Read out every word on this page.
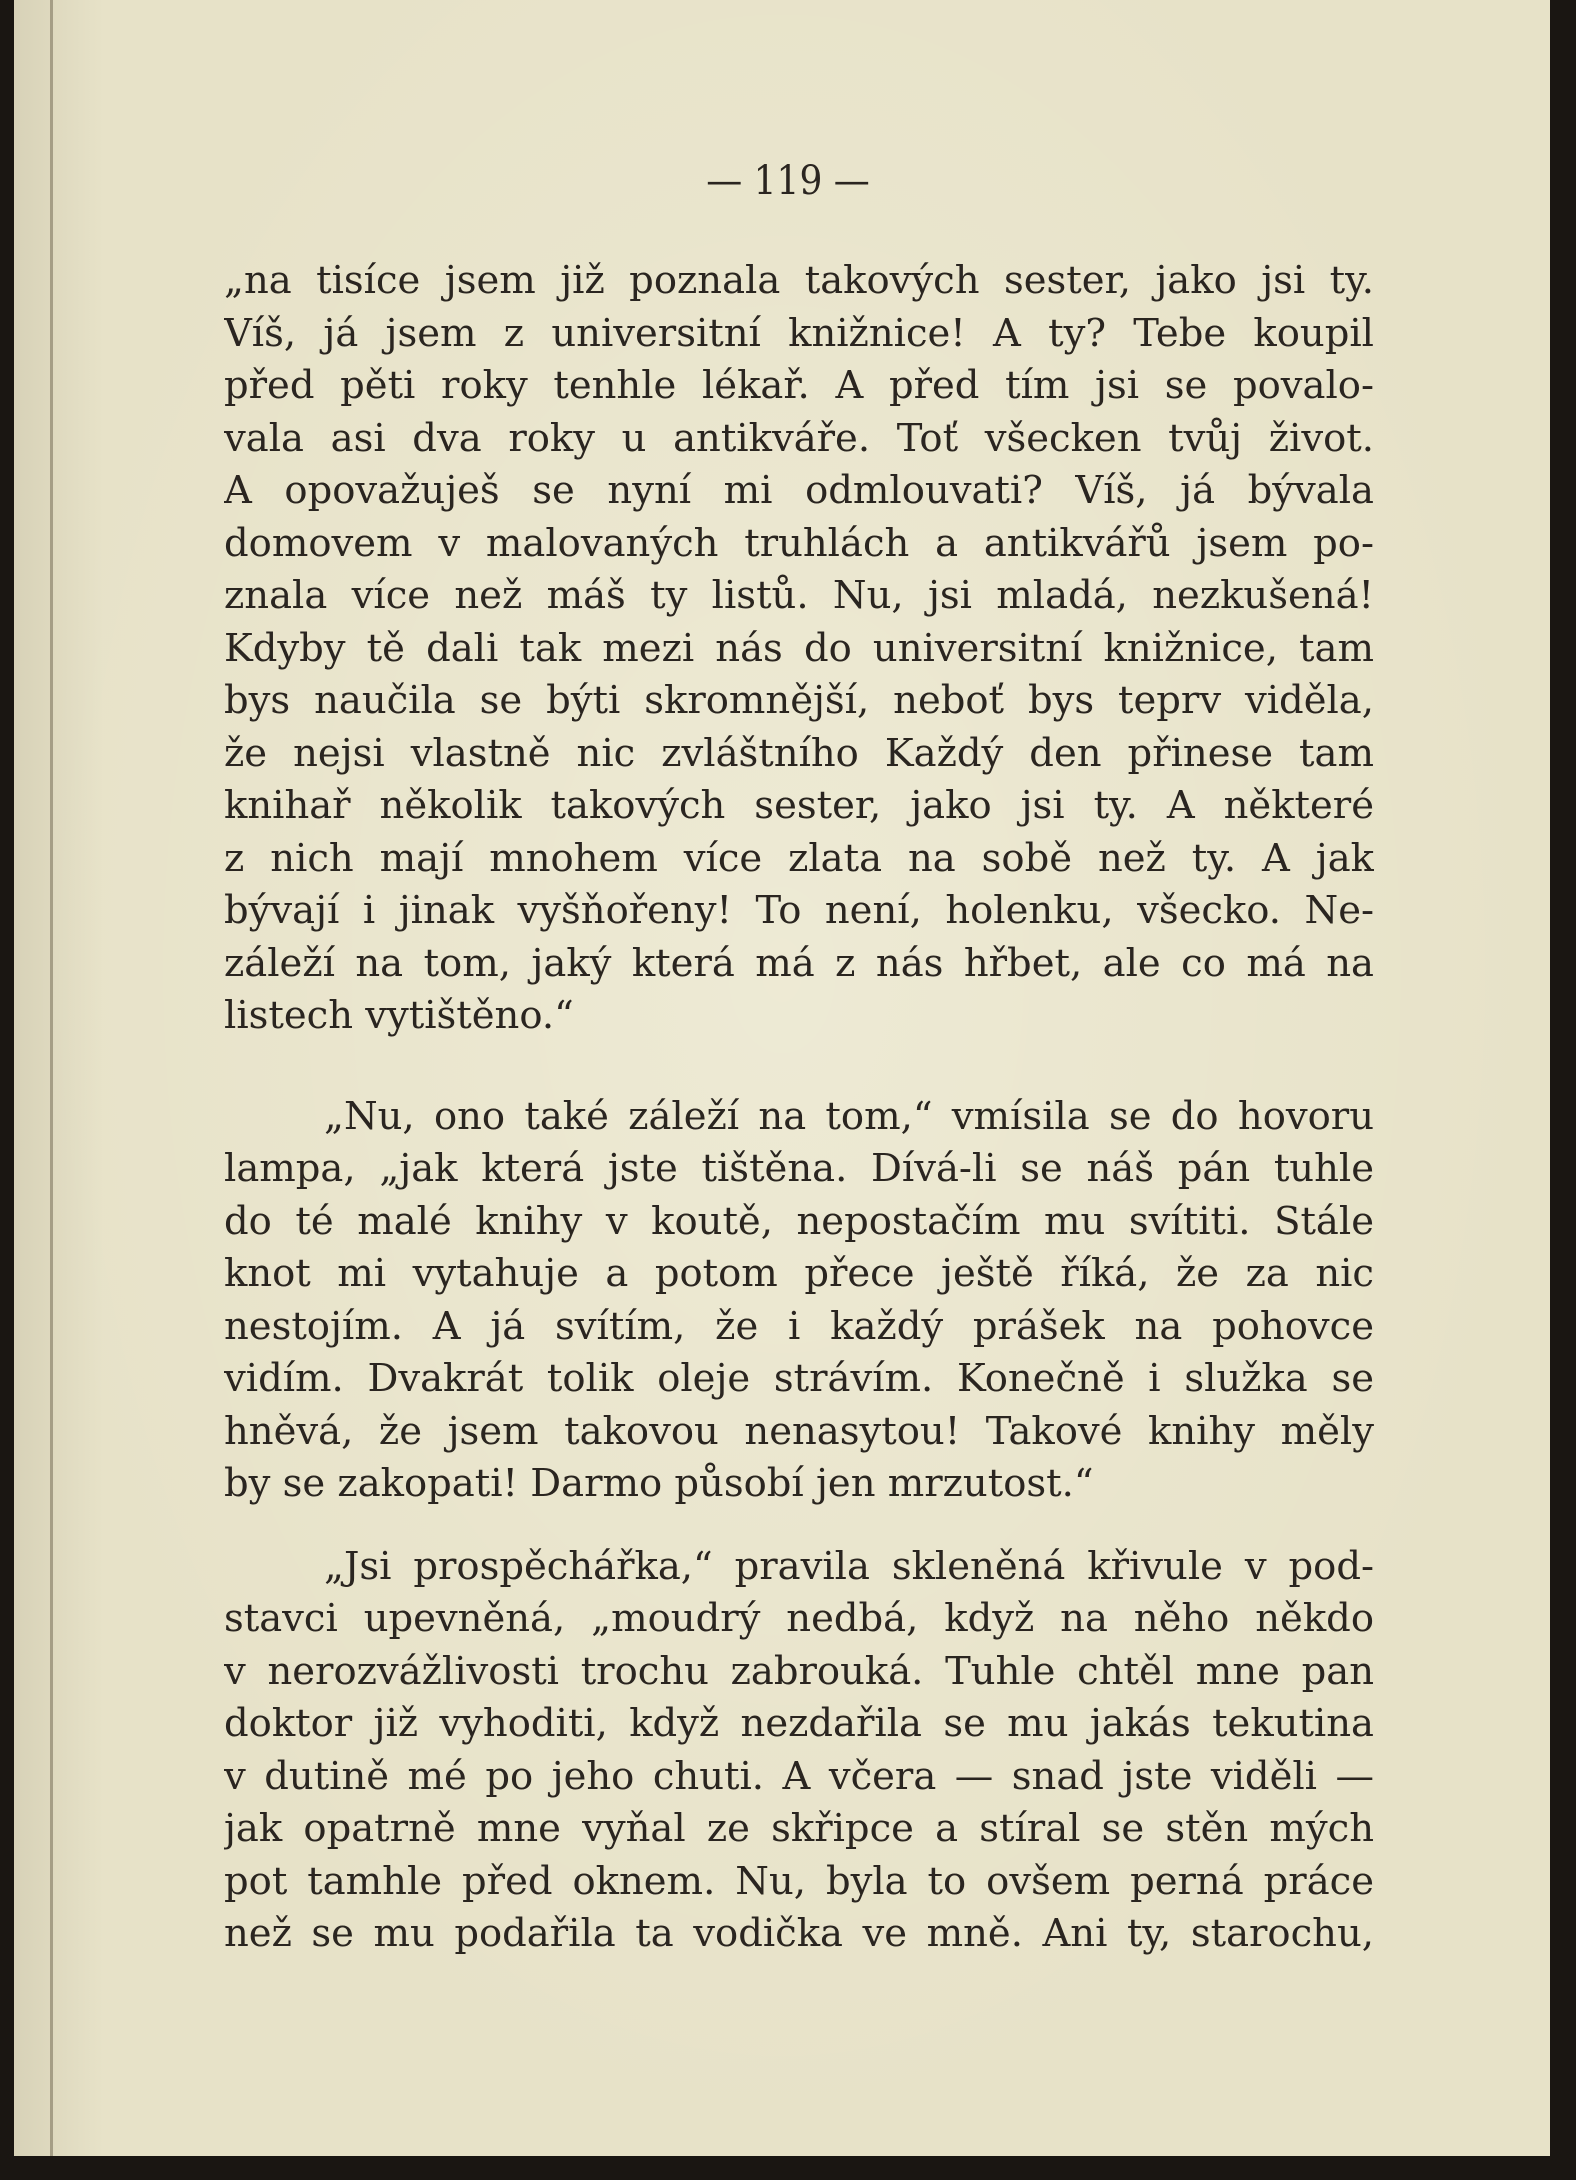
— 119 —

„na tisíce jsem již poznala takových sester, jako jsi ty.
Víš, já jsem z universitní knižnice! A ty? Tebe koupil
před pěti roky tenhle lékař. A před tím jsi se povalo-
vala asi dva roky u antikváře. Toť všecken tvůj život.
A opovažuješ se nyní mi odmlouvati? Víš, já bývala
domovem v malovaných truhlách a antikvářů jsem po-
znala více než máš ty listů. Nu, jsi mladá, nezkušená!
Kdyby tě dali tak mezi nás do universitní knižnice, tam
bys naučila se býti skromnější, neboť bys teprv viděla,
že nejsi vlastně nic zvláštního Každý den přinese tam
knihař několik takových sester, jako jsi ty. A některé
z nich mají mnohem více zlata na sobě než ty. A jak
bývají i jinak vyšňořeny! To není, holenku, všecko. Ne-
záleží na tom, jaký která má z nás hřbet, ale co má na
listech vytištěno.“
„Nu, ono také záleží na tom,“ vmísila se do hovoru
lampa, „jak která jste tištěna. Dívá-li se náš pán tuhle
do té malé knihy v koutě, nepostačím mu svítiti. Stále
knot mi vytahuje a potom přece ještě říká, že za nic
nestojím. A já svítím, že i každý prášek na pohovce
vidím. Dvakrát tolik oleje strávím. Konečně i služka se
hněvá, že jsem takovou nenasytou! Takové knihy měly
by se zakopati! Darmo působí jen mrzutost.“
„Jsi prospěchářka,“ pravila skleněná křivule v pod-
stavci upevněná, „moudrý nedbá, když na něho někdo
v nerozvážlivosti trochu zabrouká. Tuhle chtěl mne pan
doktor již vyhoditi, když nezdařila se mu jakás tekutina
v dutině mé po jeho chuti. A včera — snad jste viděli —
jak opatrně mne vyňal ze skřipce a stíral se stěn mých
pot tamhle před oknem. Nu, byla to ovšem perná práce
než se mu podařila ta vodička ve mně. Ani ty, starochu,
